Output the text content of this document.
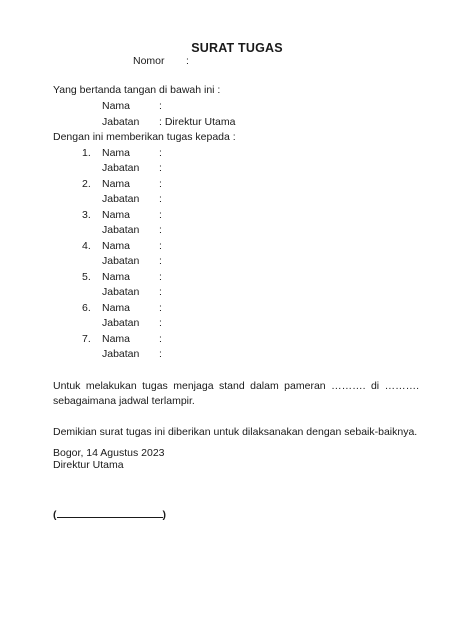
SURAT TUGAS
Nomor :
Yang bertanda tangan di bawah ini :
Nama	:
Jabatan : Direktur Utama
Dengan ini memberikan tugas kepada :
1. Nama	:
Jabatan :
2. Nama	:
Jabatan :
3. Nama	:
Jabatan :
4. Nama	:
Jabatan :
5. Nama	:
Jabatan :
6. Nama	:
Jabatan :
7. Nama	:
Jabatan :
Untuk melakukan tugas menjaga stand dalam pameran ………. di ……….
sebagaimana jadwal terlampir.
Demikian surat tugas ini diberikan untuk dilaksanakan dengan sebaik-baiknya.
Bogor, 14 Agustus 2023
Direktur Utama
(	)
